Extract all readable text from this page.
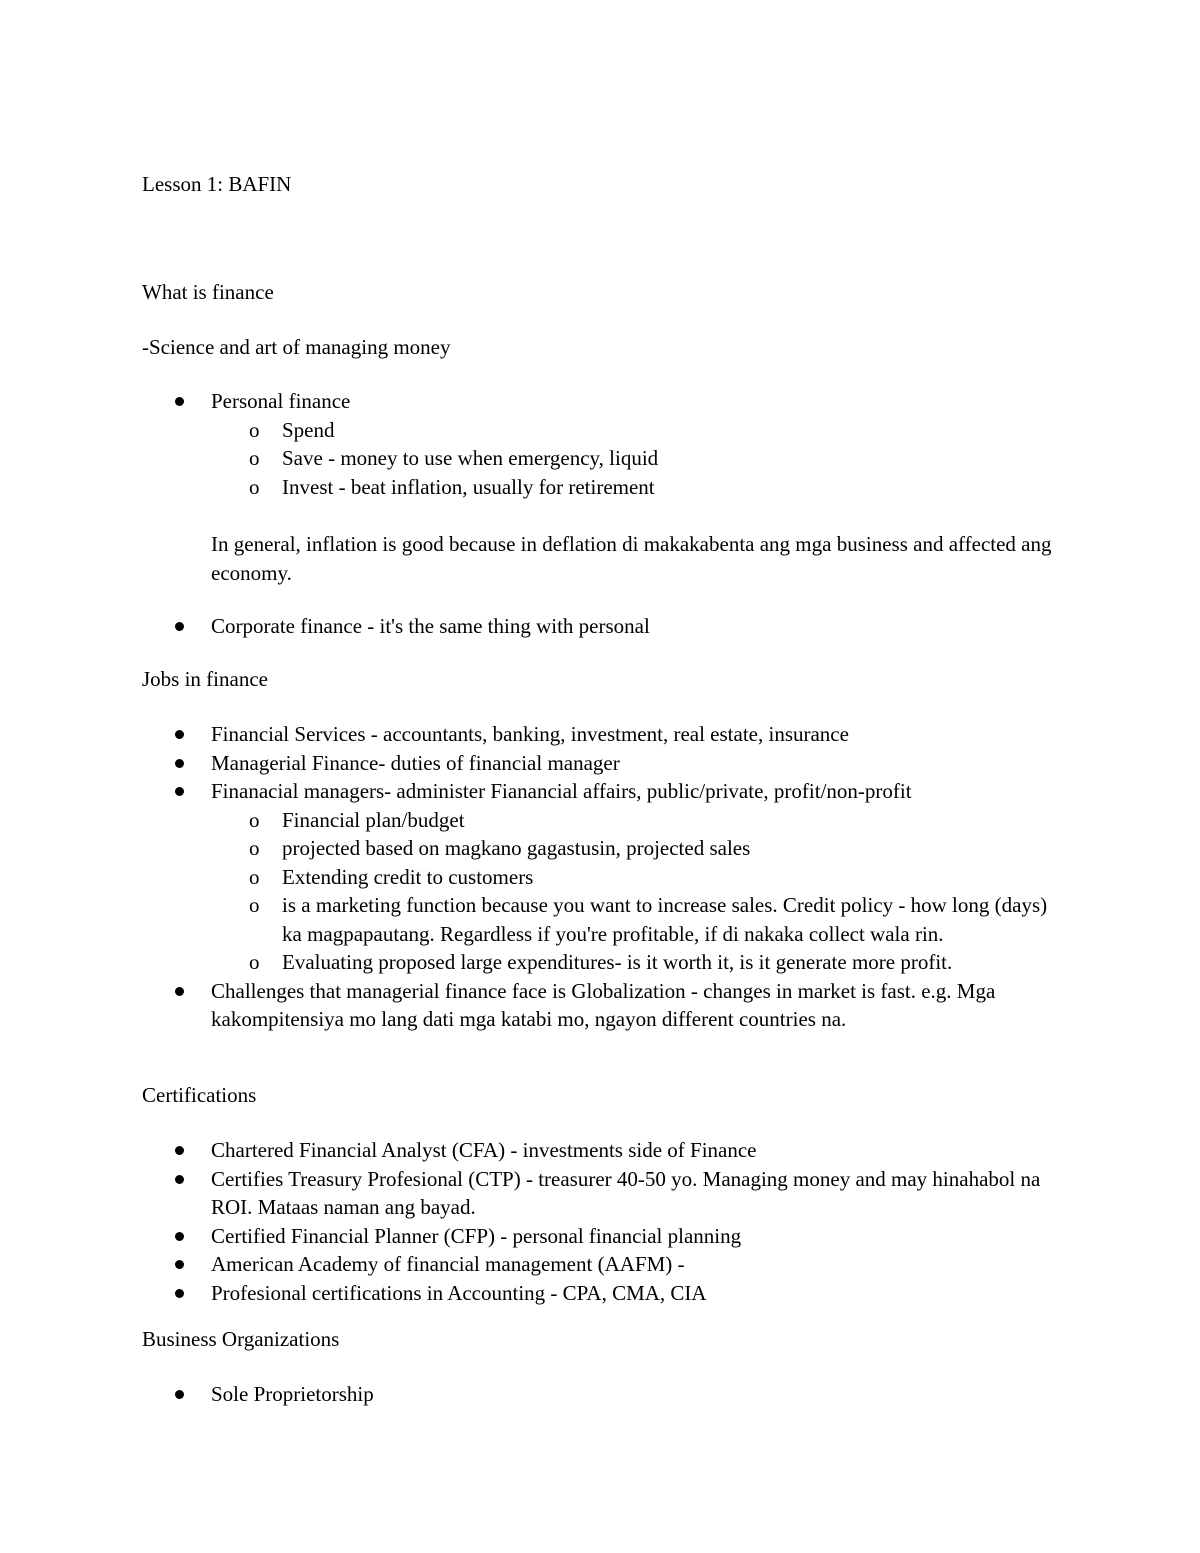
Lesson 1: BAFIN
What is finance
-Science and art of managing money
Personal finance
o	Spend
o	Save - money to use when emergency, liquid
o	Invest - beat inflation, usually for retirement
In general, inflation is good because in deflation di makakabenta ang mga business and affected ang economy.
Corporate finance - it's the same thing with personal
Jobs in finance
Financial Services - accountants, banking, investment, real estate, insurance
Managerial Finance- duties of financial manager
Finanacial managers- administer Fianancial affairs, public/private, profit/non-profit
o	Financial plan/budget
o	projected based on magkano gagastusin, projected sales
o	Extending credit to customers
o	is a marketing function because you want to increase sales. Credit policy - how long (days) ka magpapautang. Regardless if you're profitable, if di nakaka collect wala rin.
o	Evaluating proposed large expenditures- is it worth it, is it generate more profit.
Challenges that managerial finance face is Globalization - changes in market is fast. e.g. Mga kakompitensiya mo lang dati mga katabi mo, ngayon different countries na.
Certifications
Chartered Financial Analyst (CFA) - investments side of Finance
Certifies Treasury Profesional (CTP) - treasurer 40-50 yo. Managing money and may hinahabol na ROI. Mataas naman ang bayad.
Certified Financial Planner (CFP) - personal financial planning
American Academy of financial management (AAFM) -
Profesional certifications in Accounting - CPA, CMA, CIA
Business Organizations
Sole Proprietorship
